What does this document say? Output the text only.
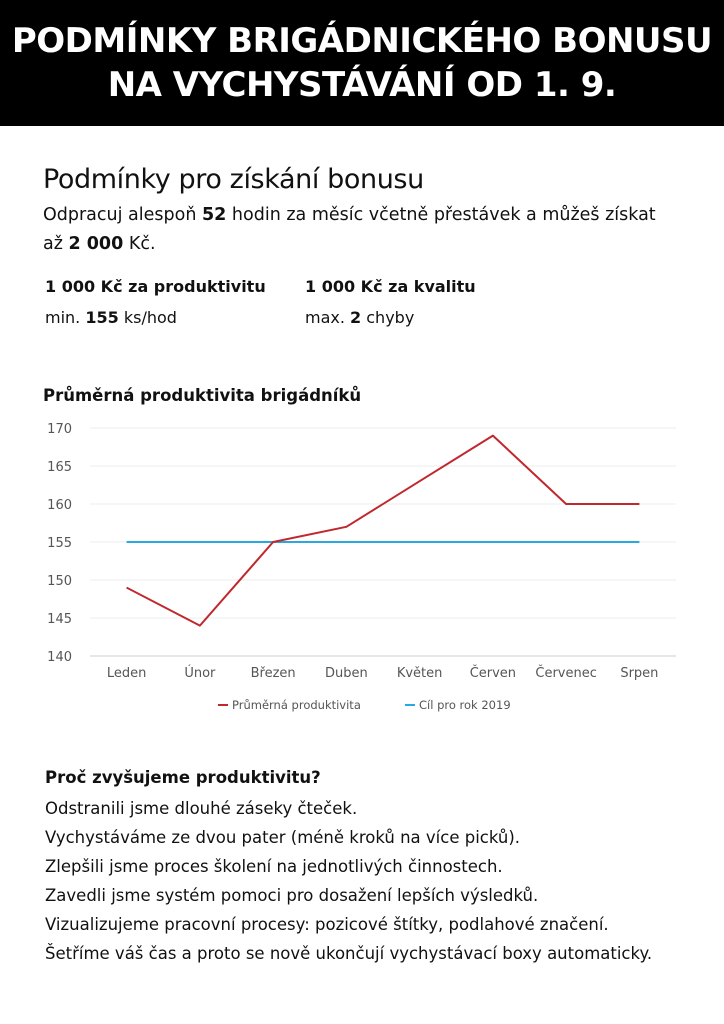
PODMÍNKY BRIGÁDNICKÉHO BONUSU
NA VYCHYSTÁVÁNÍ OD 1. 9.
Podmínky pro získání bonusu
Odpracuj alespoň 52 hodin za měsíc včetně přestávek a můžeš získat až 2 000 Kč.
1 000 Kč za produktivitu
min. 155 ks/hod
1 000 Kč za kvalitu
max. 2 chyby
Průměrná produktivita brigádníků
140
145
150
155
160
165
170
Leden	Únor	Březen Duben Květen Červen Červenec Srpen
Průměrná produktivita	Cíl pro rok 2019
Proč zvyšujeme produktivitu?
Odstranili jsme dlouhé záseky čteček.
Vychystáváme ze dvou pater (méně kroků na více picků).
Zlepšili jsme proces školení na jednotlivých činnostech.
Zavedli jsme systém pomoci pro dosažení lepších výsledků.
Vizualizujeme pracovní procesy: pozicové štítky, podlahové značení.
Šetříme váš čas a proto se nově ukončují vychystávací boxy automaticky.
